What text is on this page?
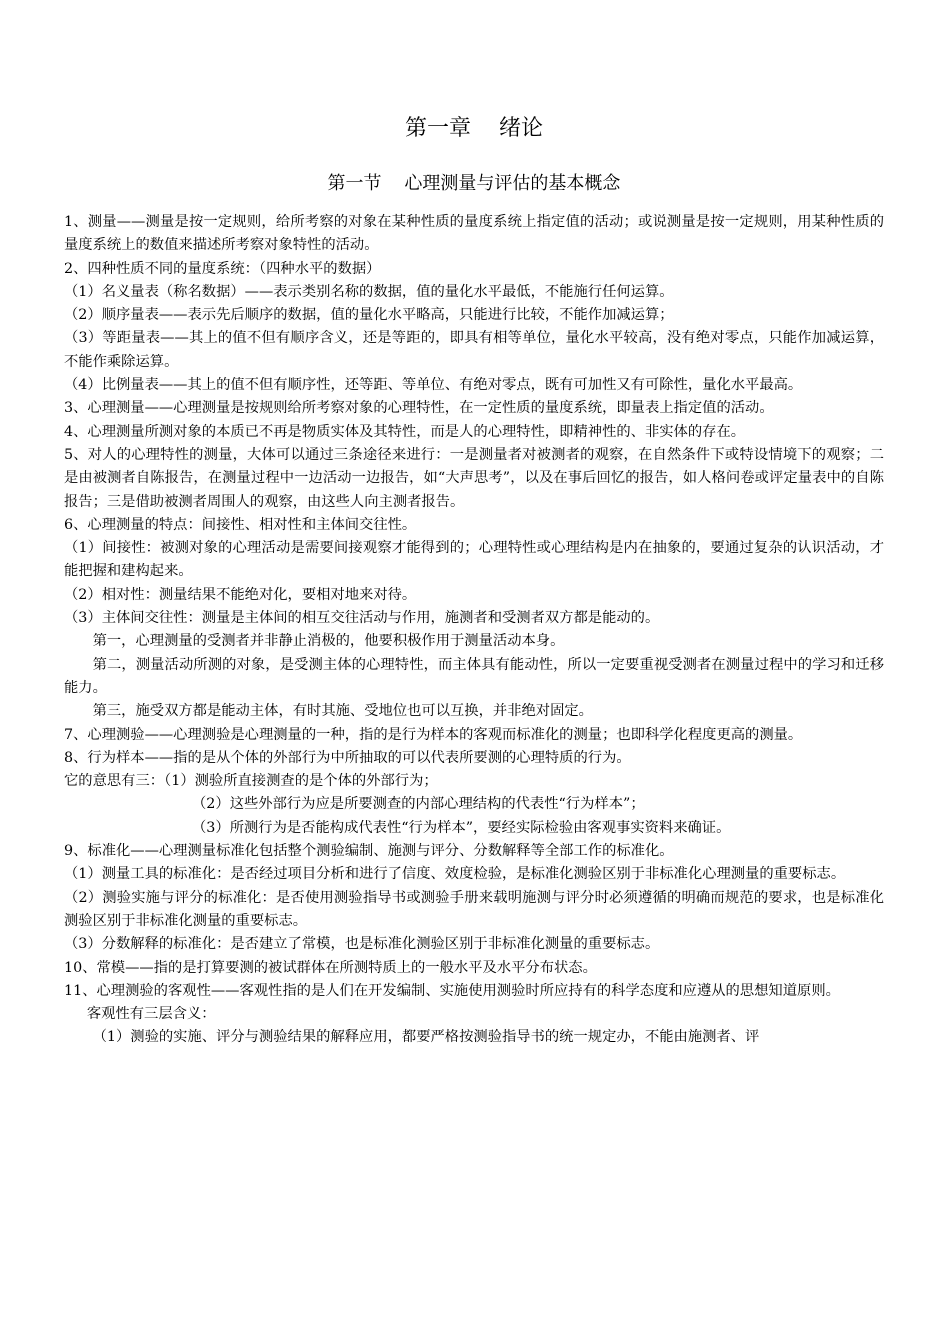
第一章    绪论
第一节    心理测量与评估的基本概念

1、测量——测量是按一定规则，给所考察的对象在某种性质的量度系统上指定值的活动；或说测量是按一定规则，用某种性质的量度系统上的数值来描述所考察对象特性的活动。

2、四种性质不同的量度系统：（四种水平的数据）

（1）名义量表（称名数据）——表示类别名称的数据，值的量化水平最低，不能施行任何运算。

（2）顺序量表——表示先后顺序的数据，值的量化水平略高，只能进行比较，不能作加减运算；

（3）等距量表——其上的值不但有顺序含义，还是等距的，即具有相等单位，量化水平较高，没有绝对零点，只能作加减运算，不能作乘除运算。

（4）比例量表——其上的值不但有顺序性，还等距、等单位、有绝对零点，既有可加性又有可除性，量化水平最高。

3、心理测量——心理测量是按规则给所考察对象的心理特性，在一定性质的量度系统，即量表上指定值的活动。

4、心理测量所测对象的本质已不再是物质实体及其特性，而是人的心理特性，即精神性的、非实体的存在。

5、对人的心理特性的测量，大体可以通过三条途径来进行：一是测量者对被测者的观察，在自然条件下或特设情境下的观察；二是由被测者自陈报告，在测量过程中一边活动一边报告，如“大声思考”，以及在事后回忆的报告，如人格问卷或评定量表中的自陈报告；三是借助被测者周围人的观察，由这些人向主测者报告。

6、心理测量的特点：间接性、相对性和主体间交往性。

（1）间接性：被测对象的心理活动是需要间接观察才能得到的；心理特性或心理结构是内在抽象的，要通过复杂的认识活动，才能把握和建构起来。

（2）相对性：测量结果不能绝对化，要相对地来对待。

（3）主体间交往性：测量是主体间的相互交往活动与作用，施测者和受测者双方都是能动的。

第一，心理测量的受测者并非静止消极的，他要积极作用于测量活动本身。

第二，测量活动所测的对象，是受测主体的心理特性，而主体具有能动性，所以一定要重视受测者在测量过程中的学习和迁移能力。

第三，施受双方都是能动主体，有时其施、受地位也可以互换，并非绝对固定。

7、心理测验——心理测验是心理测量的一种，指的是行为样本的客观而标准化的测量；也即科学化程度更高的测量。

8、行为样本——指的是从个体的外部行为中所抽取的可以代表所要测的心理特质的行为。

它的意思有三：（1）测验所直接测查的是个体的外部行为；

（2）这些外部行为应是所要测查的内部心理结构的代表性“行为样本”；

（3）所测行为是否能构成代表性“行为样本”，要经实际检验由客观事实资料来确证。

9、标准化——心理测量标准化包括整个测验编制、施测与评分、分数解释等全部工作的标准化。

（1）测量工具的标准化：是否经过项目分析和进行了信度、效度检验，是标准化测验区别于非标准化心理测量的重要标志。

（2）测验实施与评分的标准化：是否使用测验指导书或测验手册来载明施测与评分时必须遵循的明确而规范的要求，也是标准化测验区别于非标准化测量的重要标志。

（3）分数解释的标准化：是否建立了常模，也是标准化测验区别于非标准化测量的重要标志。

10、常模——指的是打算要测的被试群体在所测特质上的一般水平及水平分布状态。

11、心理测验的客观性——客观性指的是人们在开发编制、实施使用测验时所应持有的科学态度和应遵从的思想知道原则。

客观性有三层含义：

（1）测验的实施、评分与测验结果的解释应用，都要严格按测验指导书的统一规定办，不能由施测者、评
